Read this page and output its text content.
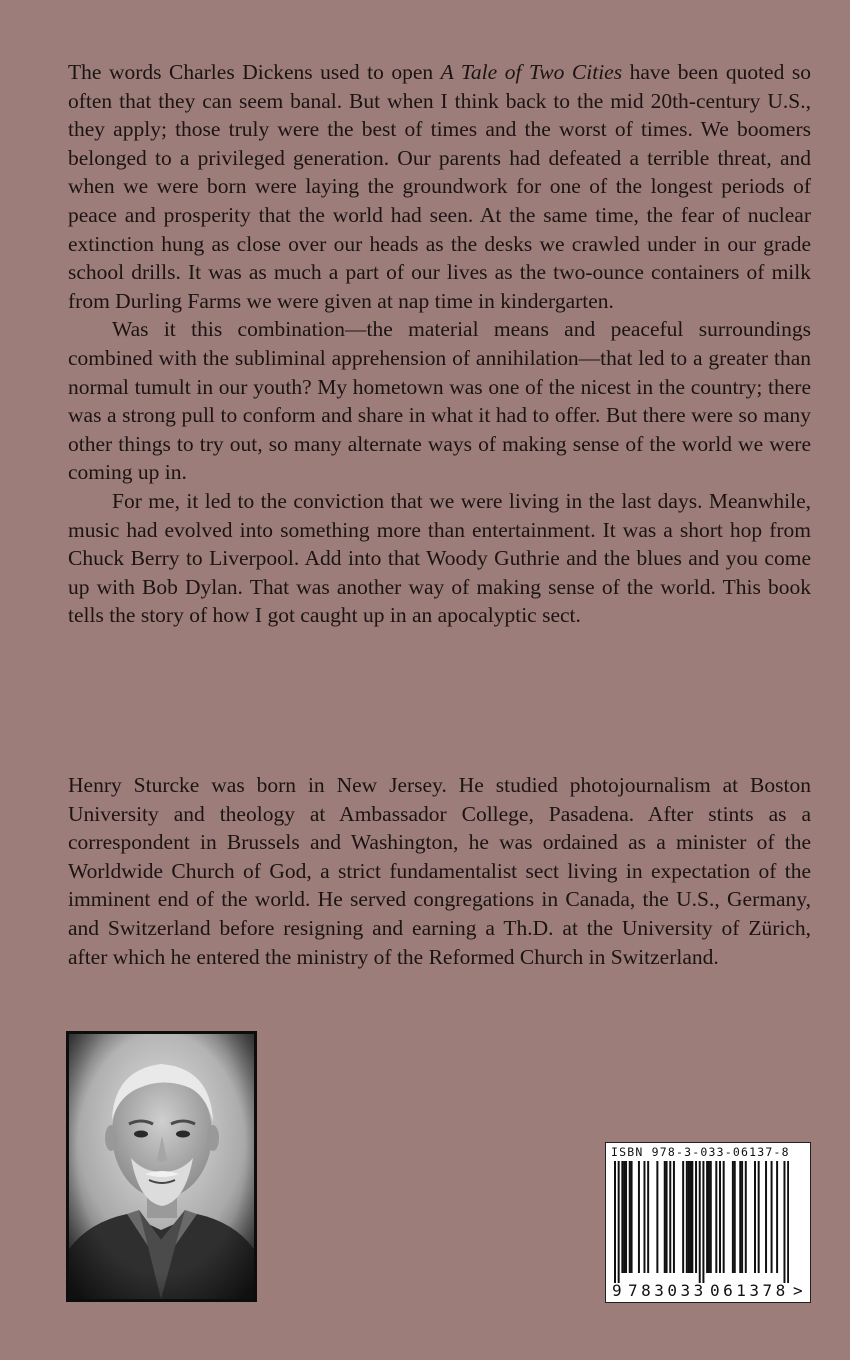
The words Charles Dickens used to open A Tale of Two Cities have been quoted so often that they can seem banal. But when I think back to the mid 20th-century U.S., they apply; those truly were the best of times and the worst of times. We boomers belonged to a privileged generation. Our parents had defeated a terrible threat, and when we were born were laying the groundwork for one of the longest periods of peace and prosperity that the world had seen. At the same time, the fear of nuclear extinction hung as close over our heads as the desks we crawled under in our grade school drills. It was as much a part of our lives as the two-ounce containers of milk from Durling Farms we were given at nap time in kindergarten.

Was it this combination—the material means and peaceful surroundings combined with the subliminal apprehension of annihilation—that led to a greater than normal tumult in our youth? My hometown was one of the nicest in the country; there was a strong pull to conform and share in what it had to offer. But there were so many other things to try out, so many alternate ways of making sense of the world we were coming up in.

For me, it led to the conviction that we were living in the last days. Meanwhile, music had evolved into something more than entertainment. It was a short hop from Chuck Berry to Liverpool. Add into that Woody Guthrie and the blues and you come up with Bob Dylan. That was another way of making sense of the world. This book tells the story of how I got caught up in an apocalyptic sect.

Henry Sturcke was born in New Jersey. He studied photojournalism at Boston University and theology at Ambassador College, Pasadena. After stints as a correspondent in Brussels and Washington, he was ordained as a minister of the Worldwide Church of God, a strict fundamentalist sect living in expectation of the imminent end of the world. He served congregations in Canada, the U.S., Germany, and Switzerland before resigning and earning a Th.D. at the University of Zürich, after which he entered the ministry of the Reformed Church in Switzerland.

ISBN 978-3-033-06137-8
9 783033 061378 >
